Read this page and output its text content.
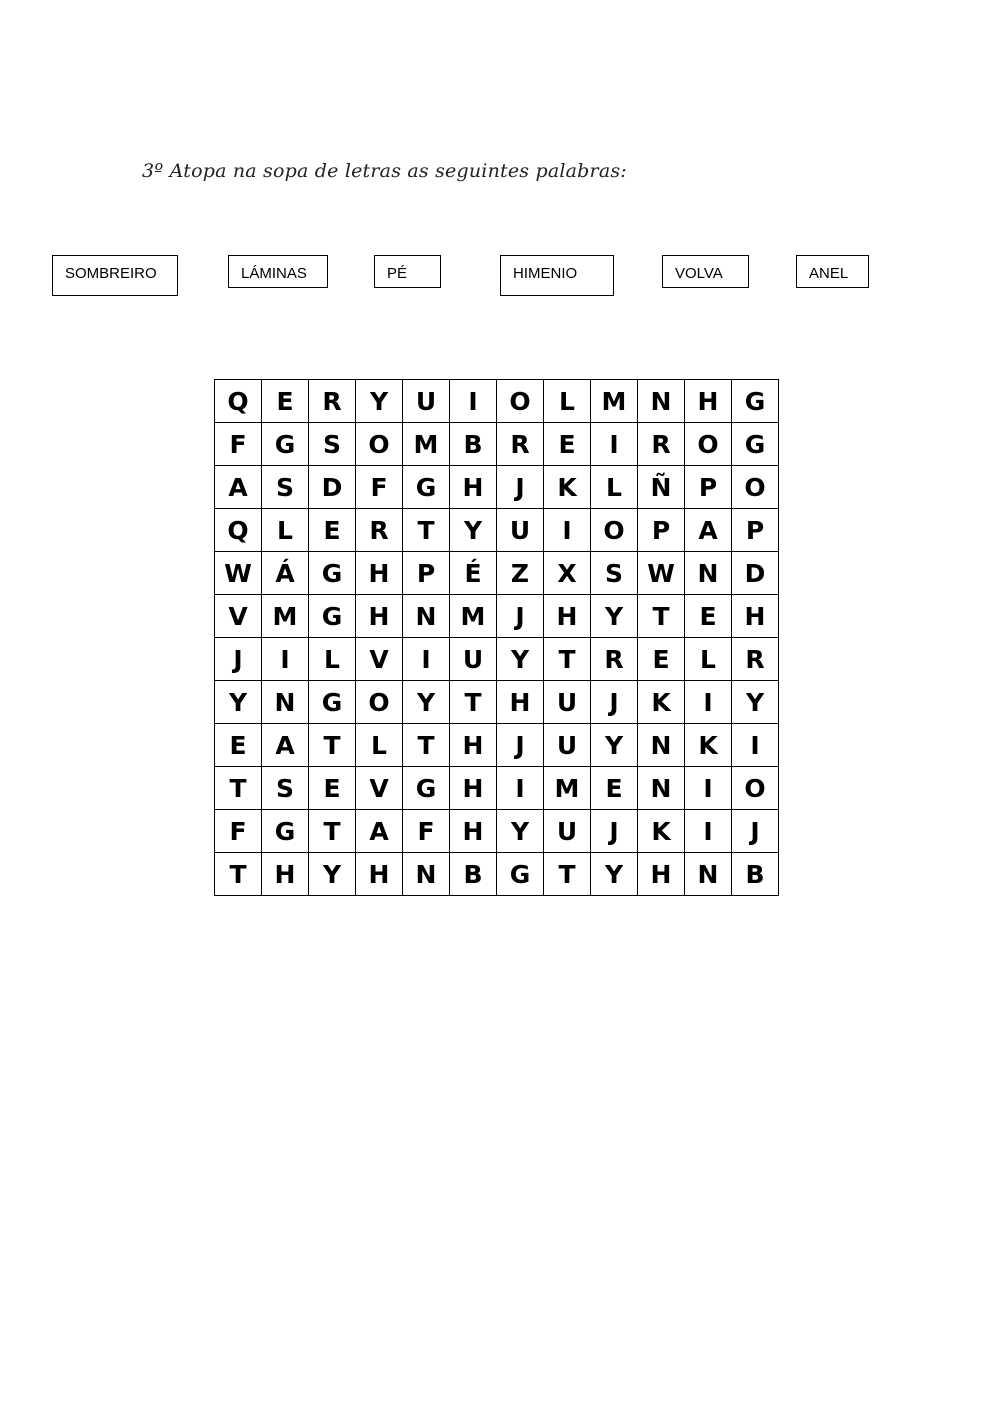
3º Atopa na sopa de letras as seguintes palabras:
SOMBREIRO	LÁMINAS	PÉ	HIMENIO	VOLVA	ANEL
Q	E	R	Y	U	I	O	L	M	N	H	G
F	G	S	O	M	B	R	E	I	R	O	G
A	S	D	F	G	H	J	K	L	Ñ	P	O
Q	L	E	R	T	Y	U	I	O	P	A	P
W	Á	G	H	P	É	Z	X	S	W	N	D
V	M	G	H	N	M	J	H	Y	T	E	H
J	I	L	V	I	U	Y	T	R	E	L	R
Y	N	G	O	Y	T	H	U	J	K	I	Y
E	A	T	L	T	H	J	U	Y	N	K	I
T	S	E	V	G	H	I	M	E	N	I	O
F	G	T	A	F	H	Y	U	J	K	I	J
T	H	Y	H	N	B	G	T	Y	H	N	B
